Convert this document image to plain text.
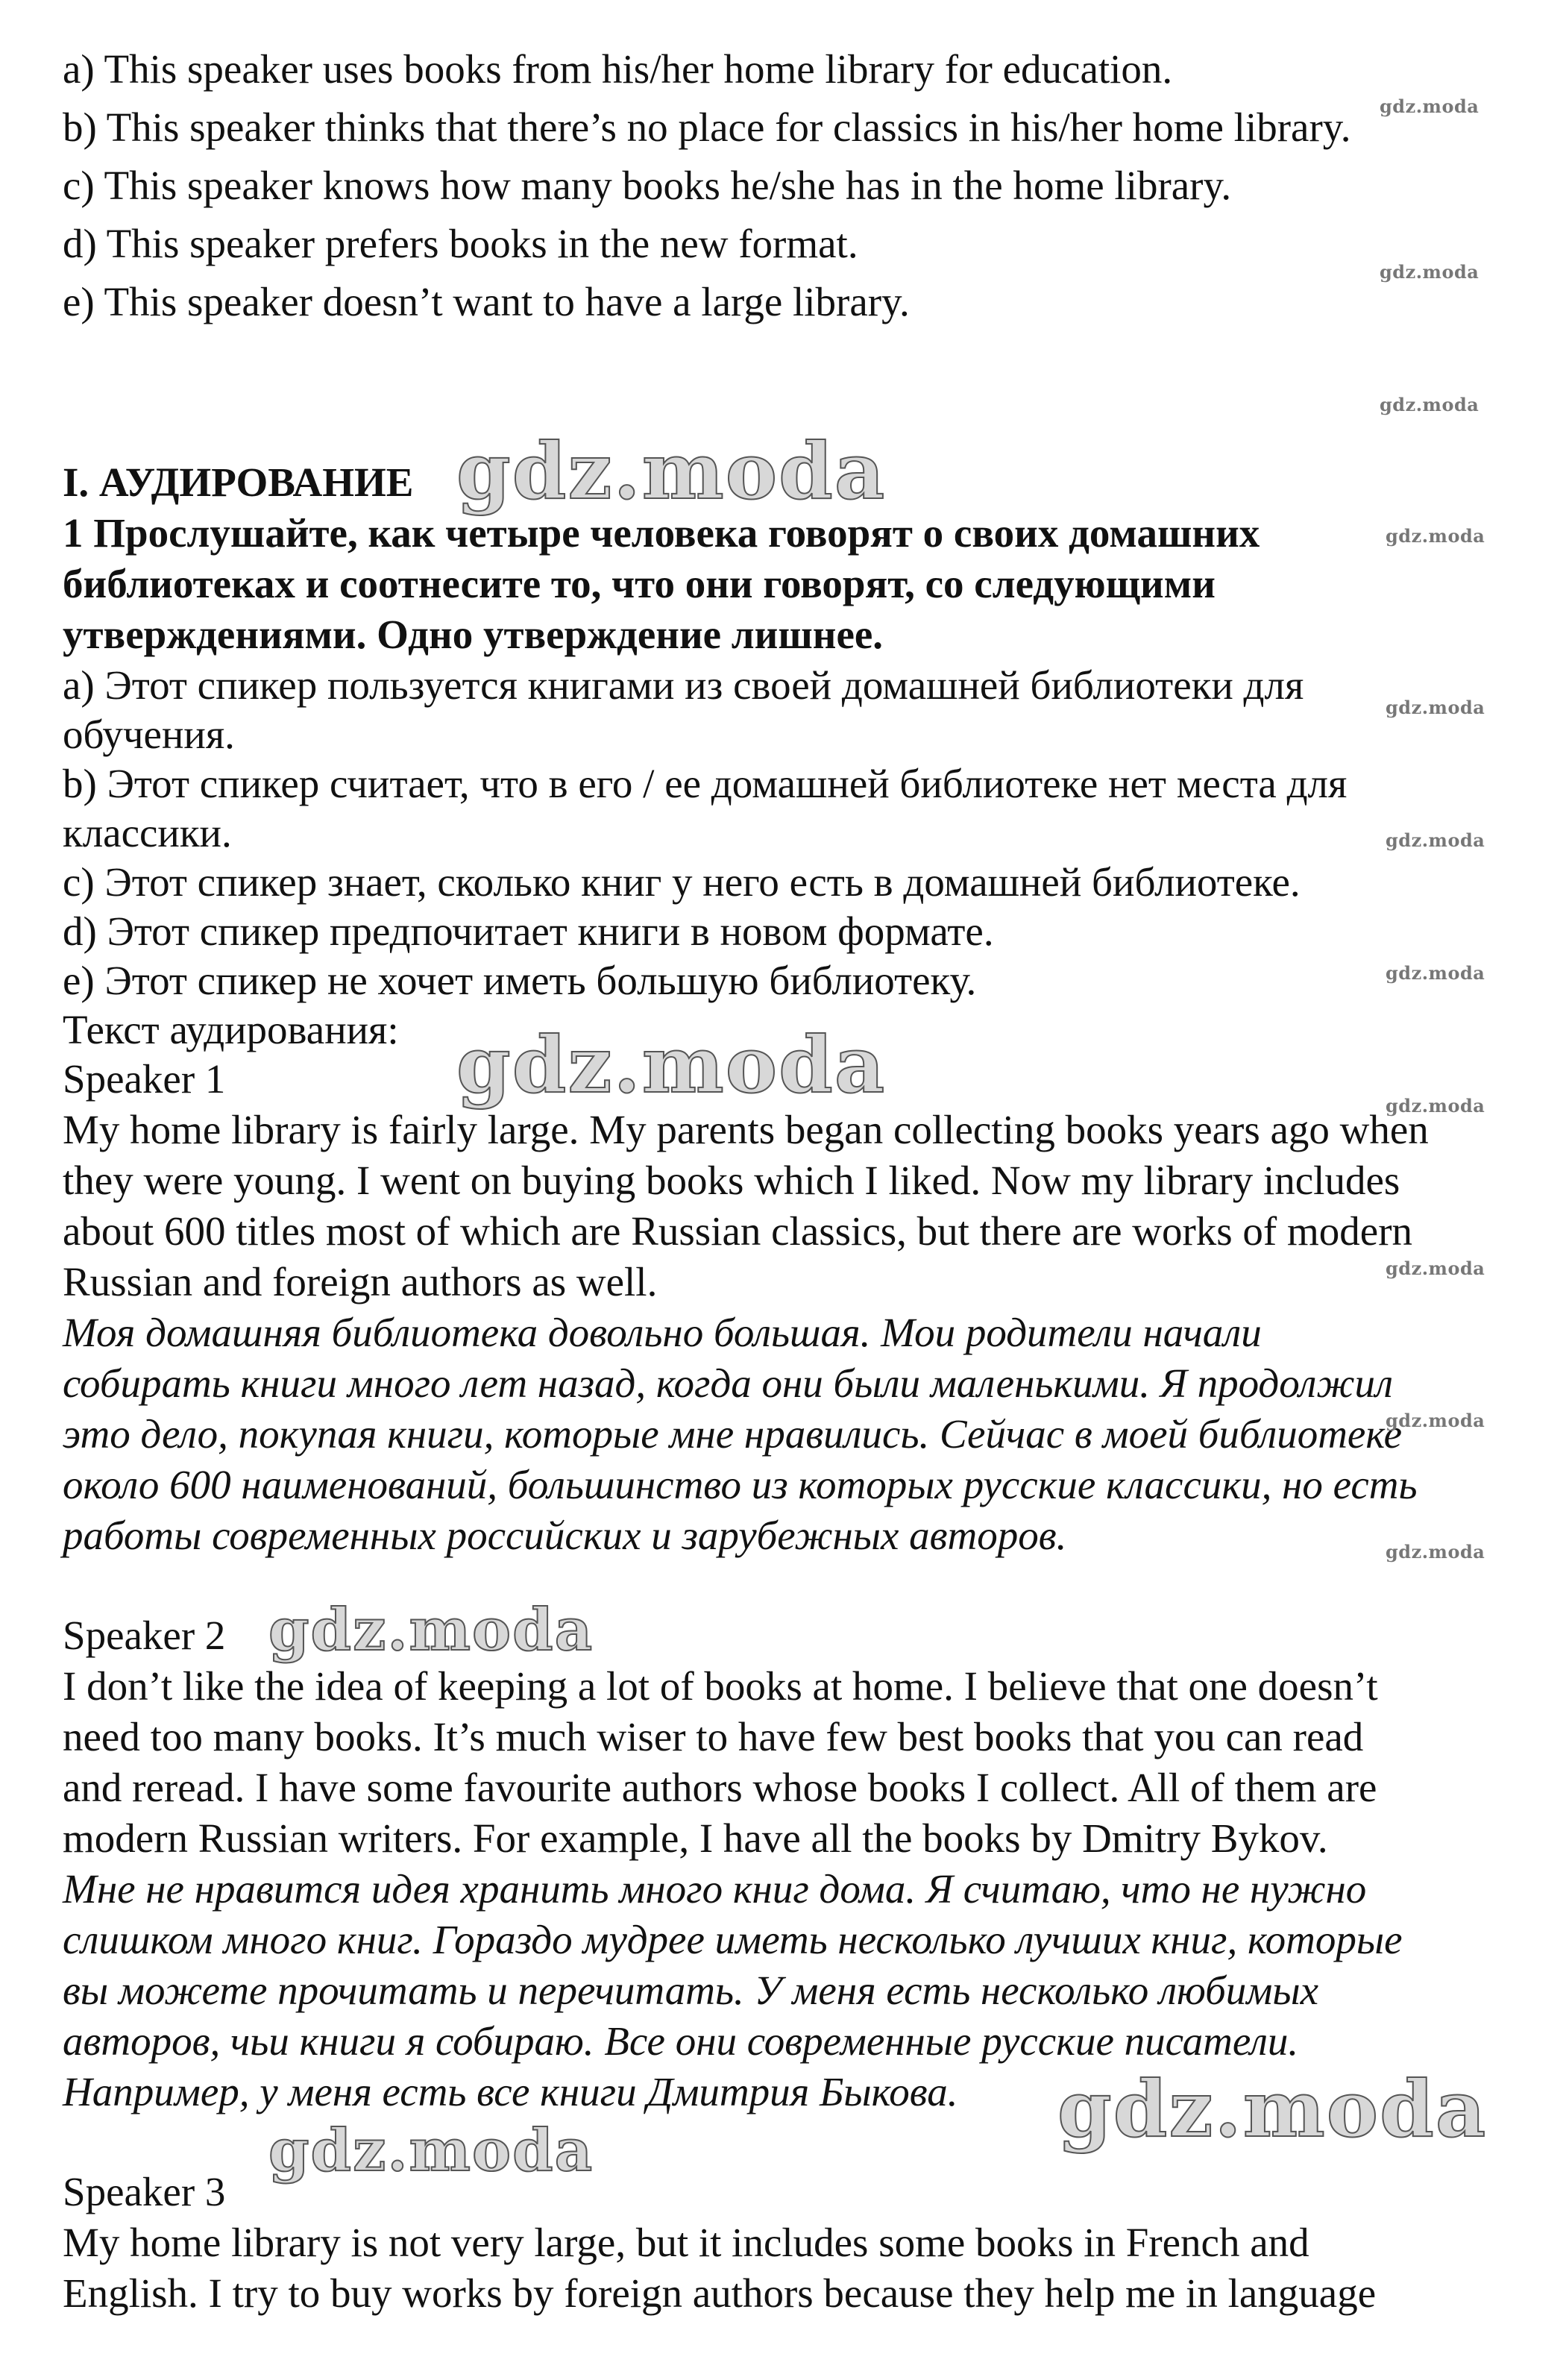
a) This speaker uses books from his/her home library for education.

b) This speaker thinks that there’s no place for classics in his/her home library.

c) This speaker knows how many books he/she has in the home library.

d) This speaker prefers books in the new format.

e) This speaker doesn’t want to have a large library.

I. АУДИРОВАНИЕ

1 Прослушайте, как четыре человека говорят о своих домашних

библиотеках и соотнесите то, что они говорят, со следующими

утверждениями. Одно утверждение лишнее.

a) Этот спикер пользуется книгами из своей домашней библиотеки для

обучения.

b) Этот спикер считает, что в его / ее домашней библиотеке нет места для

классики.

c) Этот спикер знает, сколько книг у него есть в домашней библиотеке.

d) Этот спикер предпочитает книги в новом формате.

e) Этот спикер не хочет иметь большую библиотеку.

Текст аудирования:

Speaker 1

My home library is fairly large. My parents began collecting books years ago when

they were young. I went on buying books which I liked. Now my library includes

about 600 titles most of which are Russian classics, but there are works of modern

Russian and foreign authors as well.

Моя домашняя библиотека довольно большая. Мои родители начали

собирать книги много лет назад, когда они были маленькими. Я продолжил

это дело, покупая книги, которые мне нравились. Сейчас в моей библиотеке

около 600 наименований, большинство из которых русские классики, но есть

работы современных российских и зарубежных авторов.

Speaker 2

I don’t like the idea of keeping a lot of books at home. I believe that one doesn’t

need too many books. It’s much wiser to have few best books that you can read

and reread. I have some favourite authors whose books I collect. All of them are

modern Russian writers. For example, I have all the books by Dmitry Bykov.

Мне не нравится идея хранить много книг дома. Я считаю, что не нужно

слишком много книг. Гораздо мудрее иметь несколько лучших книг, которые

вы можете прочитать и перечитать. У меня есть несколько любимых

авторов, чьи книги я собираю. Все они современные русские писатели.

Например, у меня есть все книги Дмитрия Быкова.

Speaker 3

My home library is not very large, but it includes some books in French and

English. I try to buy works by foreign authors because they help me in language

gdz.moda
gdz.moda
gdz.moda
gdz.moda
gdz.moda
gdz.moda
gdz.moda
gdz.moda
gdz.moda
gdz.moda
gdz.moda
gdz.moda
gdz.moda
gdz.moda
gdz.moda
gdz.moda
